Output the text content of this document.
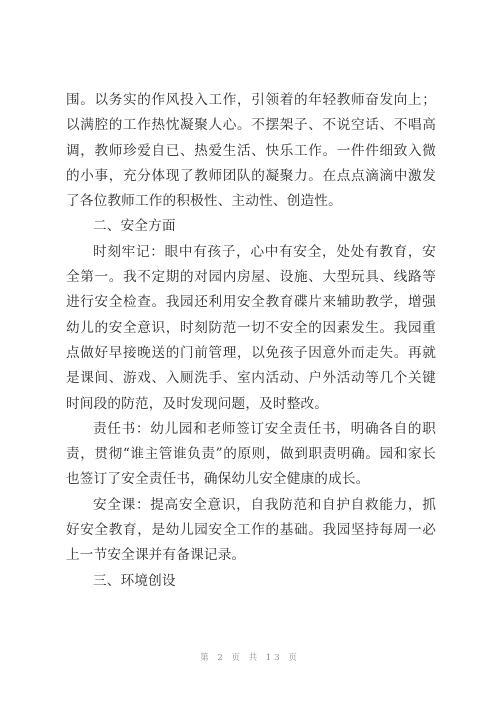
围。以务实的作风投入工作，引领着的年轻教师奋发向上；以满腔的工作热忱凝聚人心。不摆架子、不说空话、不唱高调，教师珍爱自已、热爱生活、快乐工作。一件件细致入微的小事，充分体现了教师团队的凝聚力。在点点滴滴中激发了各位教师工作的积极性、主动性、创造性。

二、安全方面

时刻牢记：眼中有孩子，心中有安全，处处有教育，安全第一。我不定期的对园内房屋、设施、大型玩具、线路等进行安全检查。我园还利用安全教育碟片来辅助教学，增强幼儿的安全意识，时刻防范一切不安全的因素发生。我园重点做好早接晚送的门前管理，以免孩子因意外而走失。再就是课间、游戏、入厕洗手、室内活动、户外活动等几个关键时间段的防范，及时发现问题，及时整改。

责任书：幼儿园和老师签订安全责任书，明确各自的职责，贯彻“谁主管谁负责”的原则，做到职责明确。园和家长也签订了安全责任书，确保幼儿安全健康的成长。

安全课：提高安全意识，自我防范和自护自救能力，抓好安全教育，是幼儿园安全工作的基础。我园坚持每周一必上一节安全课并有备课记录。

三、环境创设

第 2 页 共 13 页
